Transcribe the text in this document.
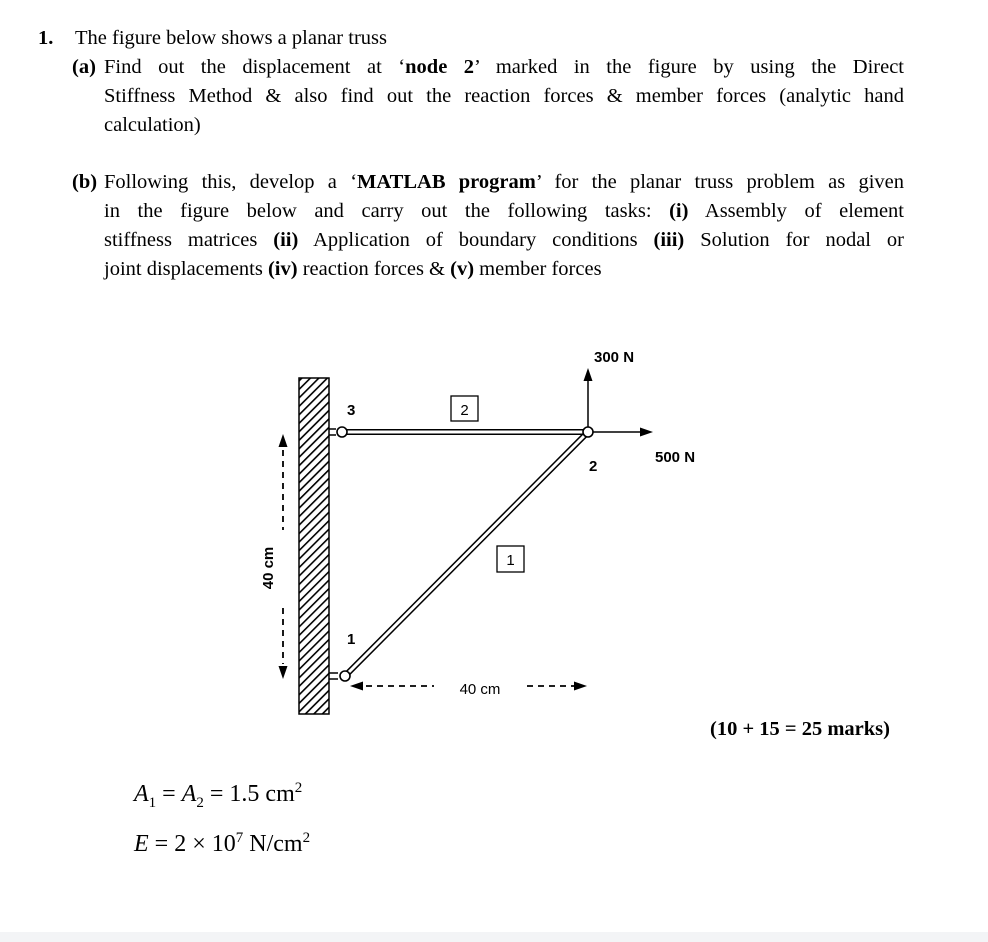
1. The figure below shows a planar truss
(a) Find out the displacement at ‘node 2’ marked in the figure by using the Direct
Stiffness Method & also find out the reaction forces & member forces (analytic hand
calculation)
(b) Following this, develop a ‘MATLAB program’ for the planar truss problem as given
in the figure below and carry out the following tasks: (i) Assembly of element
stiffness matrices (ii) Application of boundary conditions (iii) Solution for nodal or
joint displacements (iv) reaction forces & (v) member forces
300 N
500 N
3
2
1
2
1
40 cm
40 cm
(10 + 15 = 25 marks)
$A_1 = A_2 = 1.5$ $cm^2$
$E = 2 \times 10^7$ $N/cm^2$
